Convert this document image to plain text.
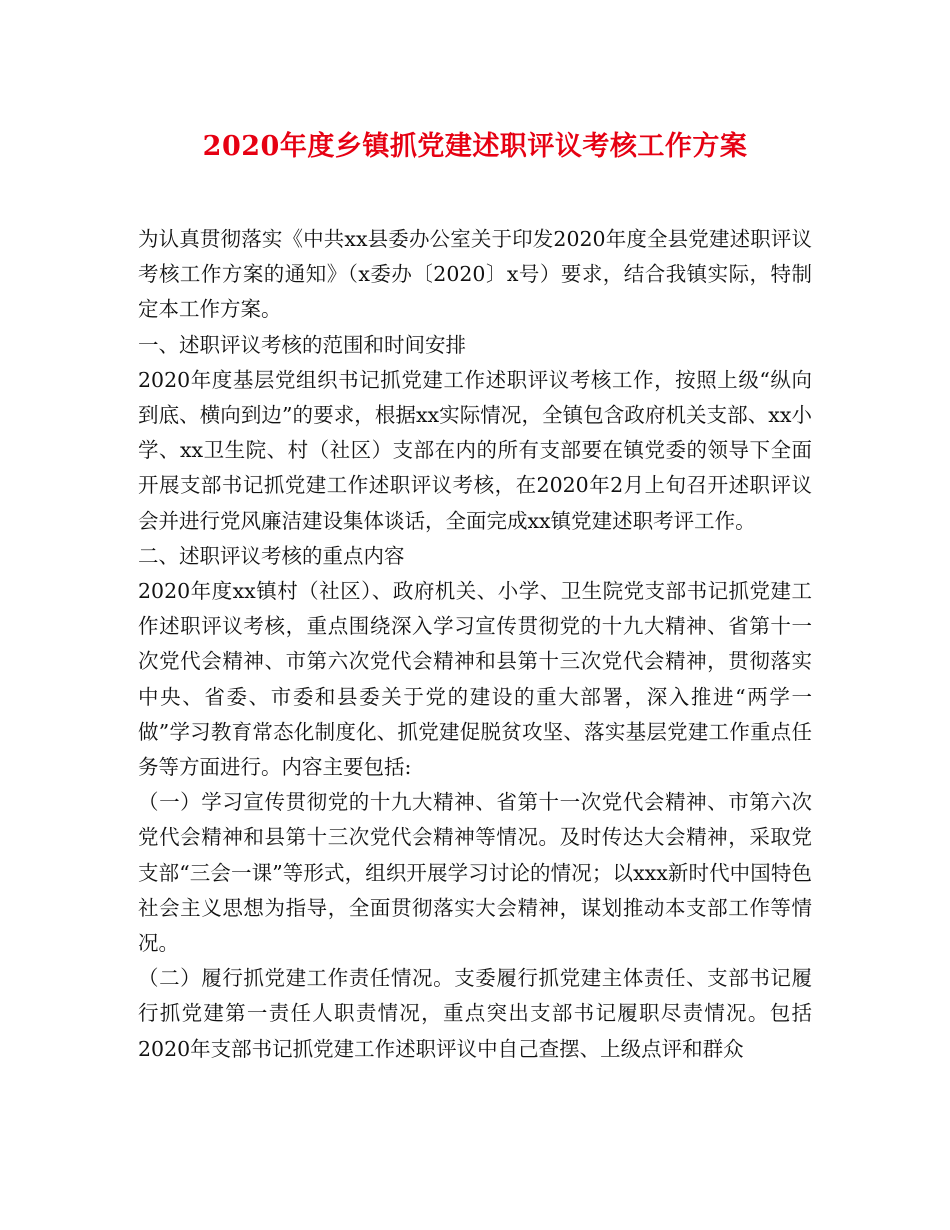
2020年度乡镇抓党建述职评议考核工作方案

为认真贯彻落实《中共xx县委办公室关于印发2020年度全县党建述职评议考核工作方案的通知》（x委办〔2020〕x号）要求，结合我镇实际，特制定本工作方案。

一、述职评议考核的范围和时间安排

2020年度基层党组织书记抓党建工作述职评议考核工作，按照上级“纵向到底、横向到边”的要求，根据xx实际情况，全镇包含政府机关支部、xx小学、xx卫生院、村（社区）支部在内的所有支部要在镇党委的领导下全面开展支部书记抓党建工作述职评议考核，在2020年2月上旬召开述职评议会并进行党风廉洁建设集体谈话，全面完成xx镇党建述职考评工作。

二、述职评议考核的重点内容

2020年度xx镇村（社区）、政府机关、小学、卫生院党支部书记抓党建工作述职评议考核，重点围绕深入学习宣传贯彻党的十九大精神、省第十一次党代会精神、市第六次党代会精神和县第十三次党代会精神，贯彻落实中央、省委、市委和县委关于党的建设的重大部署，深入推进“两学一做”学习教育常态化制度化、抓党建促脱贫攻坚、落实基层党建工作重点任务等方面进行。内容主要包括:

（一）学习宣传贯彻党的十九大精神、省第十一次党代会精神、市第六次党代会精神和县第十三次党代会精神等情况。及时传达大会精神，采取党支部“三会一课”等形式，组织开展学习讨论的情况；以xxx新时代中国特色社会主义思想为指导，全面贯彻落实大会精神，谋划推动本支部工作等情况。

（二）履行抓党建工作责任情况。支委履行抓党建主体责任、支部书记履行抓党建第一责任人职责情况，重点突出支部书记履职尽责情况。包括2020年支部书记抓党建工作述职评议中自己查摆、上级点评和群众
